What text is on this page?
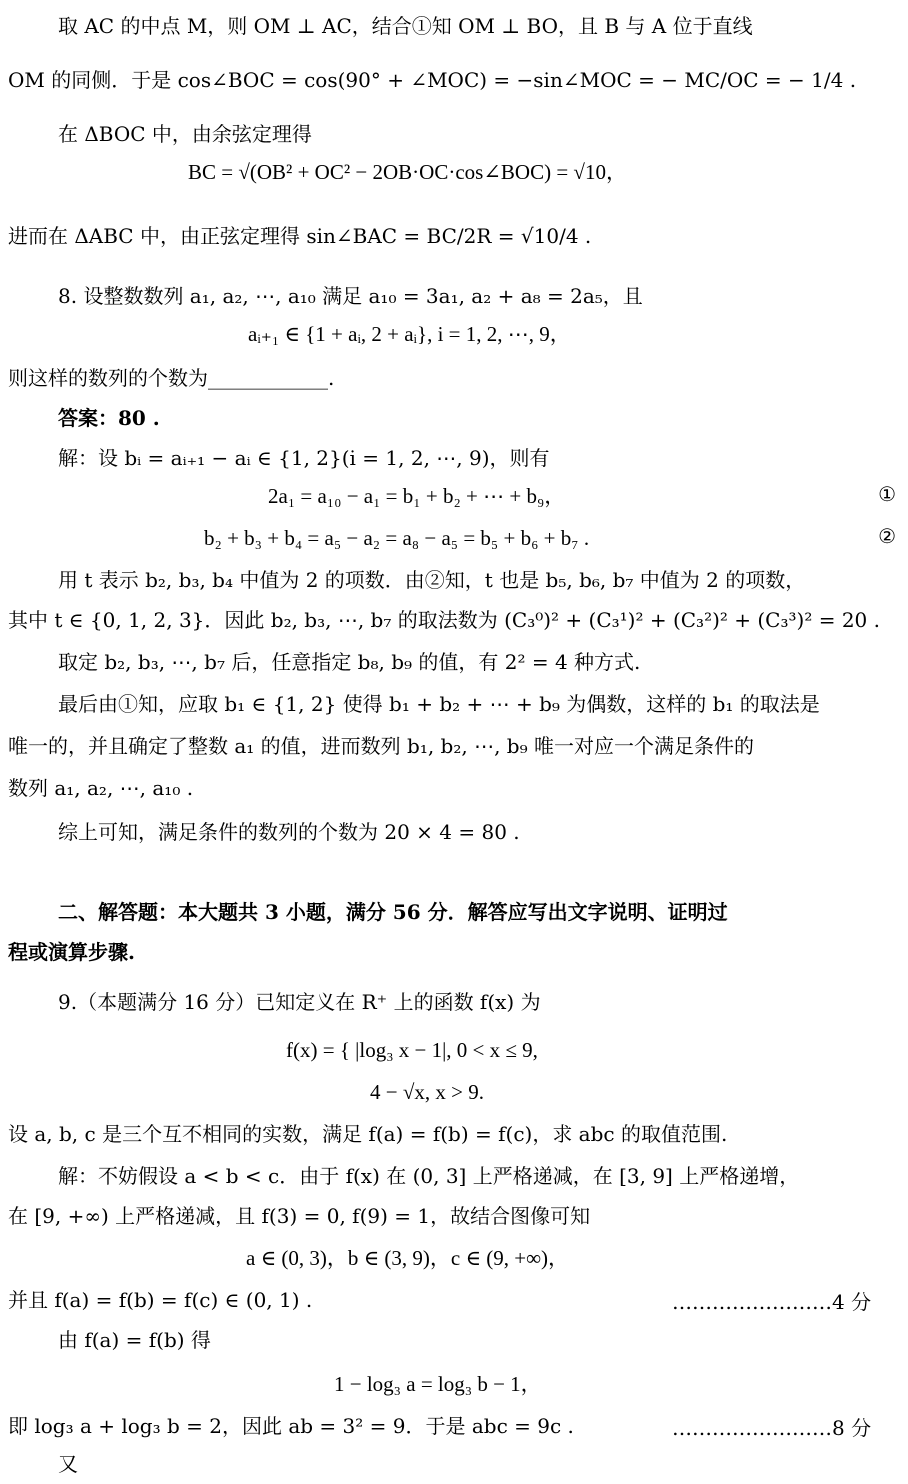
取 AC 的中点 M，则 OM ⊥ AC，结合①知 OM ⊥ BO，且 B 与 A 位于直线
OM 的同侧．于是 cos∠BOC = cos(90° + ∠MOC) = −sin∠MOC = − MC/OC = − 1/4 .
在 ΔBOC 中，由余弦定理得
BC = √(OB² + OC² − 2OB·OC·cos∠BOC) = √10，
进而在 ΔABC 中，由正弦定理得 sin∠BAC = BC/2R = √10/4 .
8. 设整数数列 a₁, a₂, ⋯, a₁₀ 满足 a₁₀ = 3a₁, a₂ + a₈ = 2a₅，且
aᵢ₊₁ ∈ {1 + aᵢ, 2 + aᵢ}, i = 1, 2, ⋯, 9，
则这样的数列的个数为____________.
答案：80 .
解：设 bᵢ = aᵢ₊₁ − aᵢ ∈ {1, 2}(i = 1, 2, ⋯, 9)，则有
2a₁ = a₁₀ − a₁ = b₁ + b₂ + ⋯ + b₉，	①
b₂ + b₃ + b₄ = a₅ − a₂ = a₈ − a₅ = b₅ + b₆ + b₇ .	②
用 t 表示 b₂, b₃, b₄ 中值为 2 的项数．由②知，t 也是 b₅, b₆, b₇ 中值为 2 的项数，
其中 t ∈ {0, 1, 2, 3}．因此 b₂, b₃, ⋯, b₇ 的取法数为 (C₃⁰)² + (C₃¹)² + (C₃²)² + (C₃³)² = 20 .
取定 b₂, b₃, ⋯, b₇ 后，任意指定 b₈, b₉ 的值，有 2² = 4 种方式.
最后由①知，应取 b₁ ∈ {1, 2} 使得 b₁ + b₂ + ⋯ + b₉ 为偶数，这样的 b₁ 的取法是
唯一的，并且确定了整数 a₁ 的值，进而数列 b₁, b₂, ⋯, b₉ 唯一对应一个满足条件的
数列 a₁, a₂, ⋯, a₁₀ .
综上可知，满足条件的数列的个数为 20 × 4 = 80 .
二、解答题：本大题共 3 小题，满分 56 分．解答应写出文字说明、证明过
程或演算步骤.
9.（本题满分 16 分）已知定义在 R⁺ 上的函数 f(x) 为
f(x) = { |log₃ x − 1|, 0 < x ≤ 9,
4 − √x, x > 9.
设 a, b, c 是三个互不相同的实数，满足 f(a) = f(b) = f(c)，求 abc 的取值范围.
解：不妨假设 a < b < c．由于 f(x) 在 (0, 3] 上严格递减，在 [3, 9] 上严格递增，
在 [9, +∞) 上严格递减，且 f(3) = 0, f(9) = 1，故结合图像可知
a ∈ (0, 3)，b ∈ (3, 9)，c ∈ (9, +∞)，
并且 f(a) = f(b) = f(c) ∈ (0, 1) .	……………………4 分
由 f(a) = f(b) 得
1 − log₃ a = log₃ b − 1，
即 log₃ a + log₃ b = 2，因此 ab = 3² = 9．于是 abc = 9c .	……………………8 分
又
